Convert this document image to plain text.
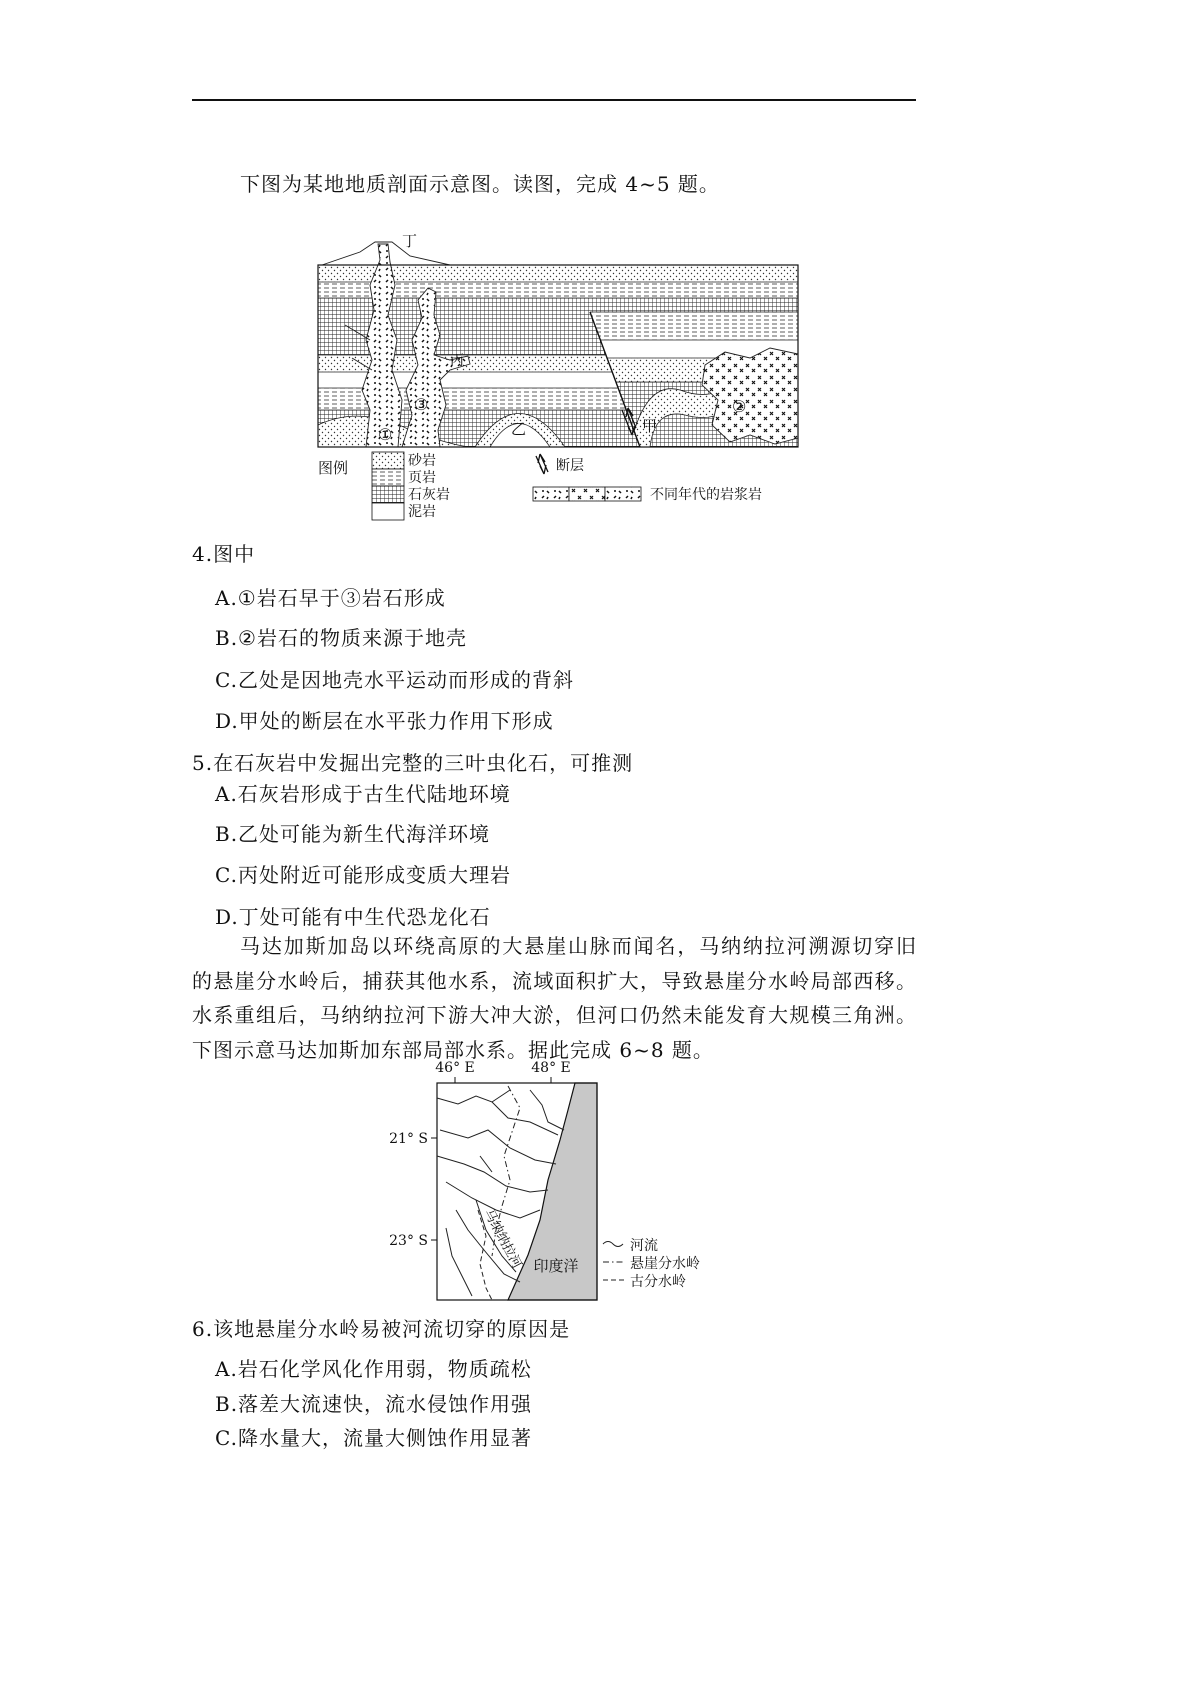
下图为某地地质剖面示意图。读图，完成 4~5 题。
丁
丙
乙	甲
①
②
③
图例	砂岩
页岩
石灰岩
泥岩
断层
不同年代的岩浆岩
4.图中
A.①岩石早于③岩石形成
B.②岩石的物质来源于地壳
C.乙处是因地壳水平运动而形成的背斜
D.甲处的断层在水平张力作用下形成
5.在石灰岩中发掘出完整的三叶虫化石，可推测
A.石灰岩形成于古生代陆地环境
B.乙处可能为新生代海洋环境
C.丙处附近可能形成变质大理岩
D.丁处可能有中生代恐龙化石
马达加斯加岛以环绕高原的大悬崖山脉而闻名，马纳纳拉河溯源切穿旧
的悬崖分水岭后，捕获其他水系，流域面积扩大，导致悬崖分水岭局部西移。
水系重组后，马纳纳拉河下游大冲大淤，但河口仍然未能发育大规模三角洲。
下图示意马达加斯加东部局部水系。据此完成 6~8 题。
46° E	48° E
21° S
23° S	马纳纳拉河 印度洋
河流
悬崖分水岭
古分水岭
6.该地悬崖分水岭易被河流切穿的原因是
A.岩石化学风化作用弱，物质疏松
B.落差大流速快，流水侵蚀作用强
C.降水量大，流量大侧蚀作用显著
